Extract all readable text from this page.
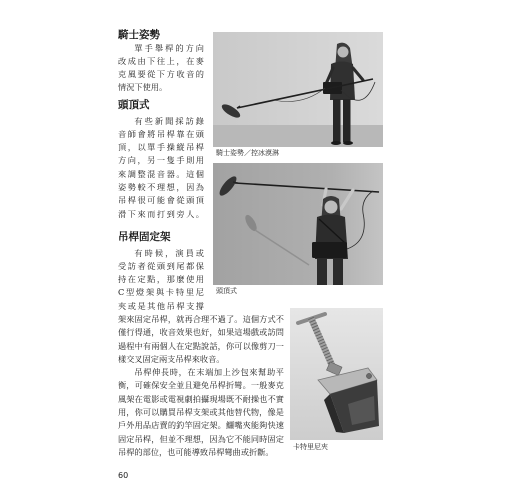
騎士姿勢
單手舉桿的方向
改成由下往上，在麥
克風要從下方收音的
情況下使用。
頭頂式
有些新聞採訪錄
音師會將吊桿靠在頭
頂，以單手操縱吊桿
方向，另一隻手則用
來調整混音器。這個
姿勢較不理想，因為
吊桿很可能會從頭頂
滑下來而打到旁人。
吊桿固定架
有時候，演員或
受訪者從頭到尾都保
持在定點，那麼使用
C型燈架與卡特里尼
夾或是其他吊桿支撐
架來固定吊桿，就再合理不過了。這個方式不
僅行得通，收音效果也好，如果這場戲或訪問
過程中有兩個人在定點說話，你可以像剪刀一
樣交叉固定兩支吊桿來收音。
吊桿伸長時，在末端加上沙包來幫助平
衡，可確保安全並且避免吊桿折彎。一般麥克
風架在電影或電視劇拍攝現場既不耐操也不實
用，你可以購買吊桿支架或其他替代物，像是
戶外用品店賣的釣竿固定架。鱷嘴夾能夠快速
固定吊桿，但並不理想，因為它不能同時固定
吊桿的部位，也可能導致吊桿彎曲或折斷。
騎士姿勢／控冰漠淋
頭頂式
卡特里尼夾
60
